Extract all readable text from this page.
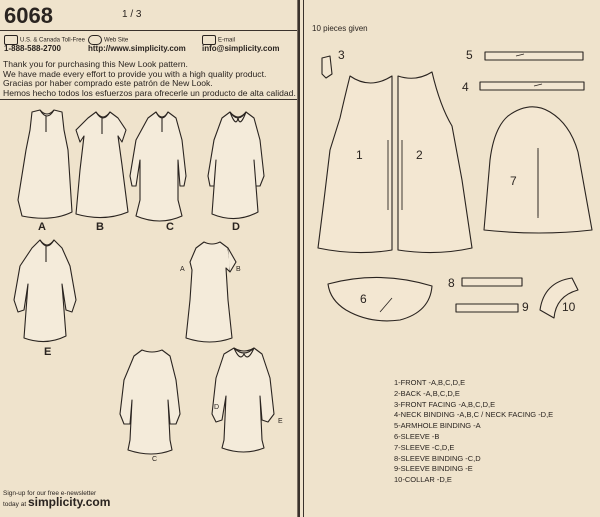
6068	1 / 3
U.S. & Canada Toll-Free
1-888-588-2700
Web Site
http://www.simplicity.com
E-mail
info@simplicity.com
Thank you for purchasing this New Look pattern.
We have made every effort to provide you with a high quality product.
Gracias por haber comprado este patrón de New Look.
Hemos hecho todos los esfuerzos para ofrecerle un producto de alta calidad.
A	B	C	D
E
A	B
C
D
E
Sign-up for our free e-newsletter
today at simplicity.com
10 pieces given
3	5
4
1	2
7
8
6
9	10
1-FRONT -A,B,C,D,E
2-BACK -A,B,C,D,E
3-FRONT FACING -A,B,C,D,E
4-NECK BINDING -A,B,C / NECK FACING -D,E
5-ARMHOLE BINDING -A
6-SLEEVE -B
7-SLEEVE -C,D,E
8-SLEEVE BINDING -C,D
9-SLEEVE BINDING -E
10-COLLAR -D,E
